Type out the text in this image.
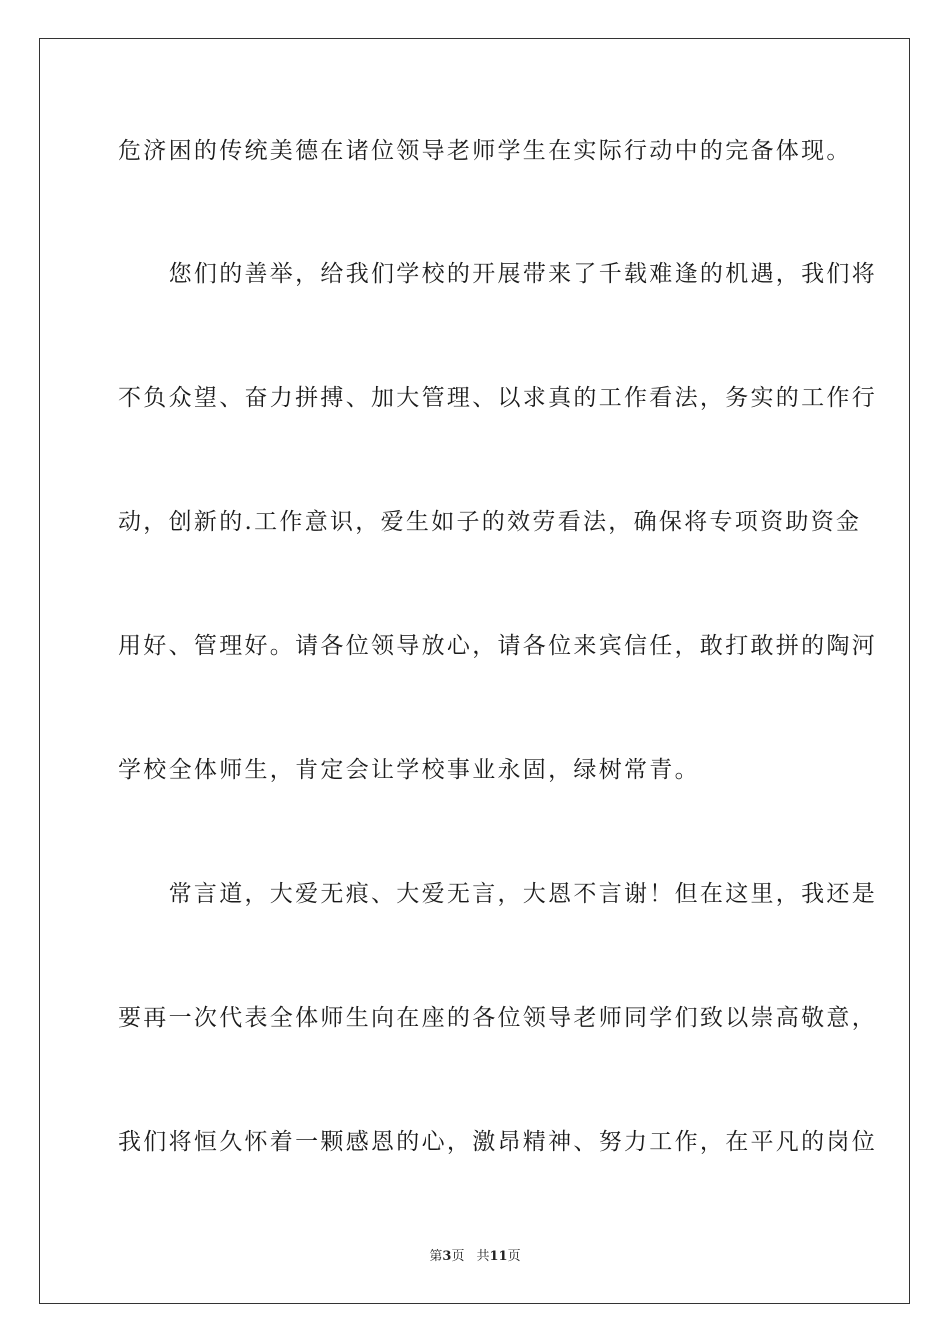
危济困的传统美德在诸位领导老师学生在实际行动中的完备体现。
　　您们的善举，给我们学校的开展带来了千载难逢的机遇，我们将
不负众望、奋力拼搏、加大管理、以求真的工作看法，务实的工作行
动，创新的.工作意识，爱生如子的效劳看法，确保将专项资助资金
用好、管理好。请各位领导放心，请各位来宾信任，敢打敢拼的陶河
学校全体师生，肯定会让学校事业永固，绿树常青。
　　常言道，大爱无痕、大爱无言，大恩不言谢！但在这里，我还是
要再一次代表全体师生向在座的各位领导老师同学们致以崇高敬意，
我们将恒久怀着一颗感恩的心，激昂精神、努力工作，在平凡的岗位
第3页 共11页
